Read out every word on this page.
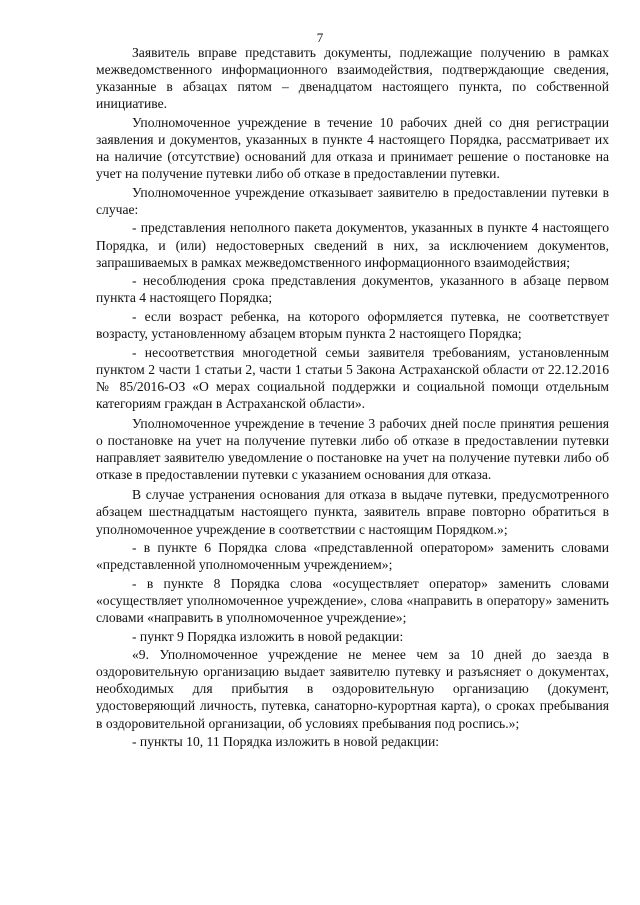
7

Заявитель вправе представить документы, подлежащие получению в рамках межведомственного информационного взаимодействия, подтверждающие сведения, указанные в абзацах пятом – двенадцатом настоящего пункта, по собственной инициативе.

Уполномоченное учреждение в течение 10 рабочих дней со дня регистрации заявления и документов, указанных в пункте 4 настоящего Порядка, рассматривает их на наличие (отсутствие) оснований для отказа и принимает решение о постановке на учет на получение путевки либо об отказе в предоставлении путевки.

Уполномоченное учреждение отказывает заявителю в предоставлении путевки в случае:

- представления неполного пакета документов, указанных в пункте 4 настоящего Порядка, и (или) недостоверных сведений в них, за исключением документов, запрашиваемых в рамках межведомственного информационного взаимодействия;

- несоблюдения срока представления документов, указанного в абзаце первом пункта 4 настоящего Порядка;

- если возраст ребенка, на которого оформляется путевка, не соответствует возрасту, установленному абзацем вторым пункта 2 настоящего Порядка;

- несоответствия многодетной семьи заявителя требованиям, установленным пунктом 2 части 1 статьи 2, части 1 статьи 5 Закона Астраханской области от 22.12.2016 № 85/2016-ОЗ «О мерах социальной поддержки и социальной помощи отдельным категориям граждан в Астраханской области».

Уполномоченное учреждение в течение 3 рабочих дней после принятия решения о постановке на учет на получение путевки либо об отказе в предоставлении путевки направляет заявителю уведомление о постановке на учет на получение путевки либо об отказе в предоставлении путевки с указанием основания для отказа.

В случае устранения основания для отказа в выдаче путевки, предусмотренного абзацем шестнадцатым настоящего пункта, заявитель вправе повторно обратиться в уполномоченное учреждение в соответствии с настоящим Порядком.»;

- в пункте 6 Порядка слова «представленной оператором» заменить словами «представленной уполномоченным учреждением»;

- в пункте 8 Порядка слова «осуществляет оператор» заменить словами «осуществляет уполномоченное учреждение», слова «направить в оператору» заменить словами «направить в уполномоченное учреждение»;

- пункт 9 Порядка изложить в новой редакции:

«9. Уполномоченное учреждение не менее чем за 10 дней до заезда в оздоровительную организацию выдает заявителю путевку и разъясняет о документах, необходимых для прибытия в оздоровительную организацию (документ, удостоверяющий личность, путевка, санаторно-курортная карта), о сроках пребывания в оздоровительной организации, об условиях пребывания под роспись.»;

- пункты 10, 11 Порядка изложить в новой редакции:
